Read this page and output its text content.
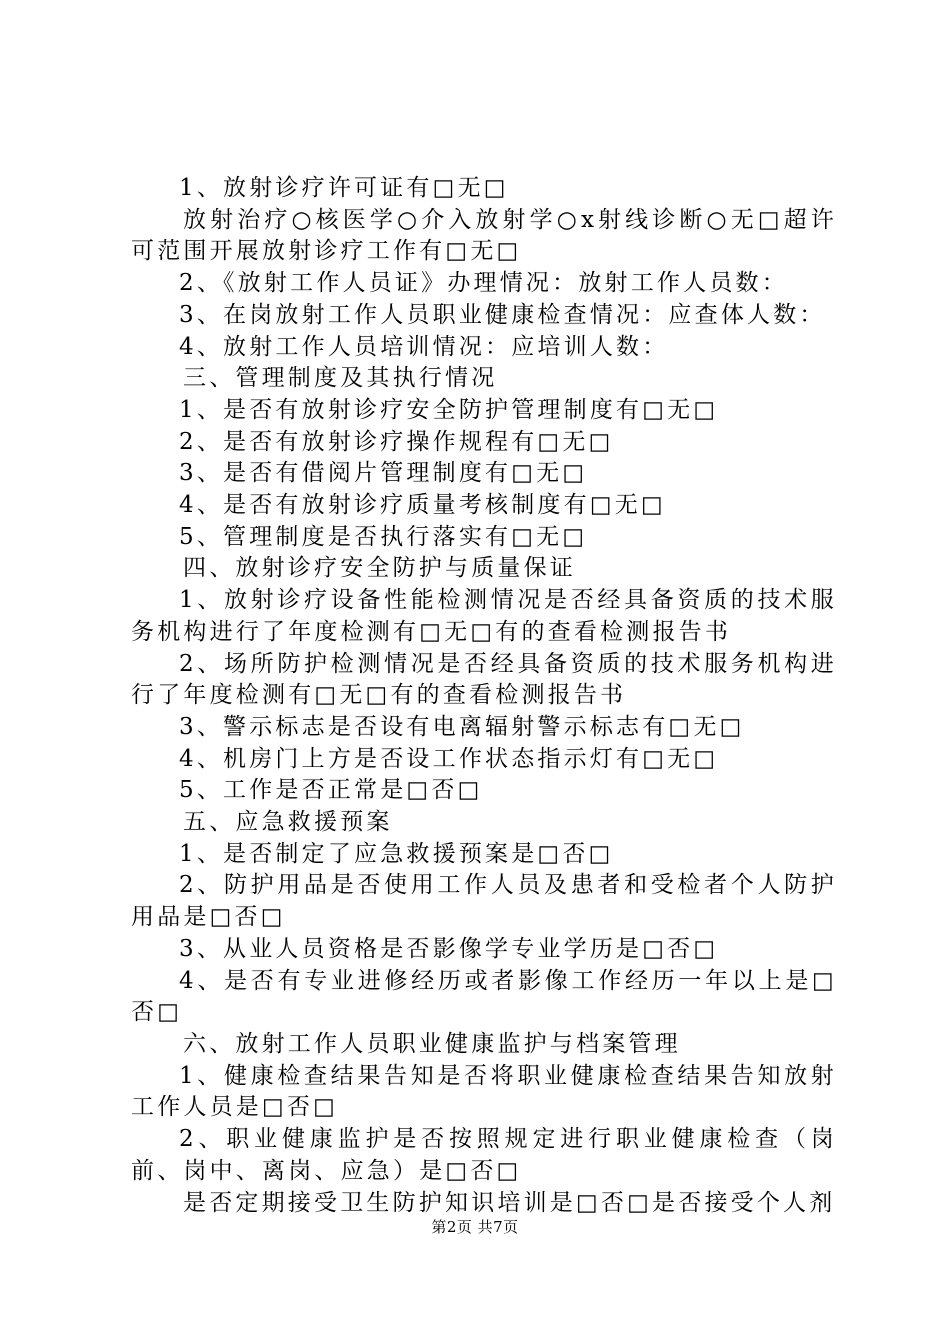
1、放射诊疗许可证有□无□

放射治疗○核医学○介入放射学○x射线诊断○无□超许可范围开展放射诊疗工作有□无□

2、《放射工作人员证》办理情况：放射工作人员数：

3、在岗放射工作人员职业健康检查情况：应查体人数：

4、放射工作人员培训情况：应培训人数：

三、管理制度及其执行情况

1、是否有放射诊疗安全防护管理制度有□无□

2、是否有放射诊疗操作规程有□无□

3、是否有借阅片管理制度有□无□

4、是否有放射诊疗质量考核制度有□无□

5、管理制度是否执行落实有□无□

四、放射诊疗安全防护与质量保证

1、放射诊疗设备性能检测情况是否经具备资质的技术服务机构进行了年度检测有□无□有的查看检测报告书

2、场所防护检测情况是否经具备资质的技术服务机构进行了年度检测有□无□有的查看检测报告书

3、警示标志是否设有电离辐射警示标志有□无□

4、机房门上方是否设工作状态指示灯有□无□

5、工作是否正常是□否□

五、应急救援预案

1、是否制定了应急救援预案是□否□

2、防护用品是否使用工作人员及患者和受检者个人防护用品是□否□

3、从业人员资格是否影像学专业学历是□否□

4、是否有专业进修经历或者影像工作经历一年以上是□否□

六、放射工作人员职业健康监护与档案管理

1、健康检查结果告知是否将职业健康检查结果告知放射工作人员是□否□

2、职业健康监护是否按照规定进行职业健康检查（岗前、岗中、离岗、应急）是□否□

是否定期接受卫生防护知识培训是□否□是否接受个人剂

第2页 共7页
